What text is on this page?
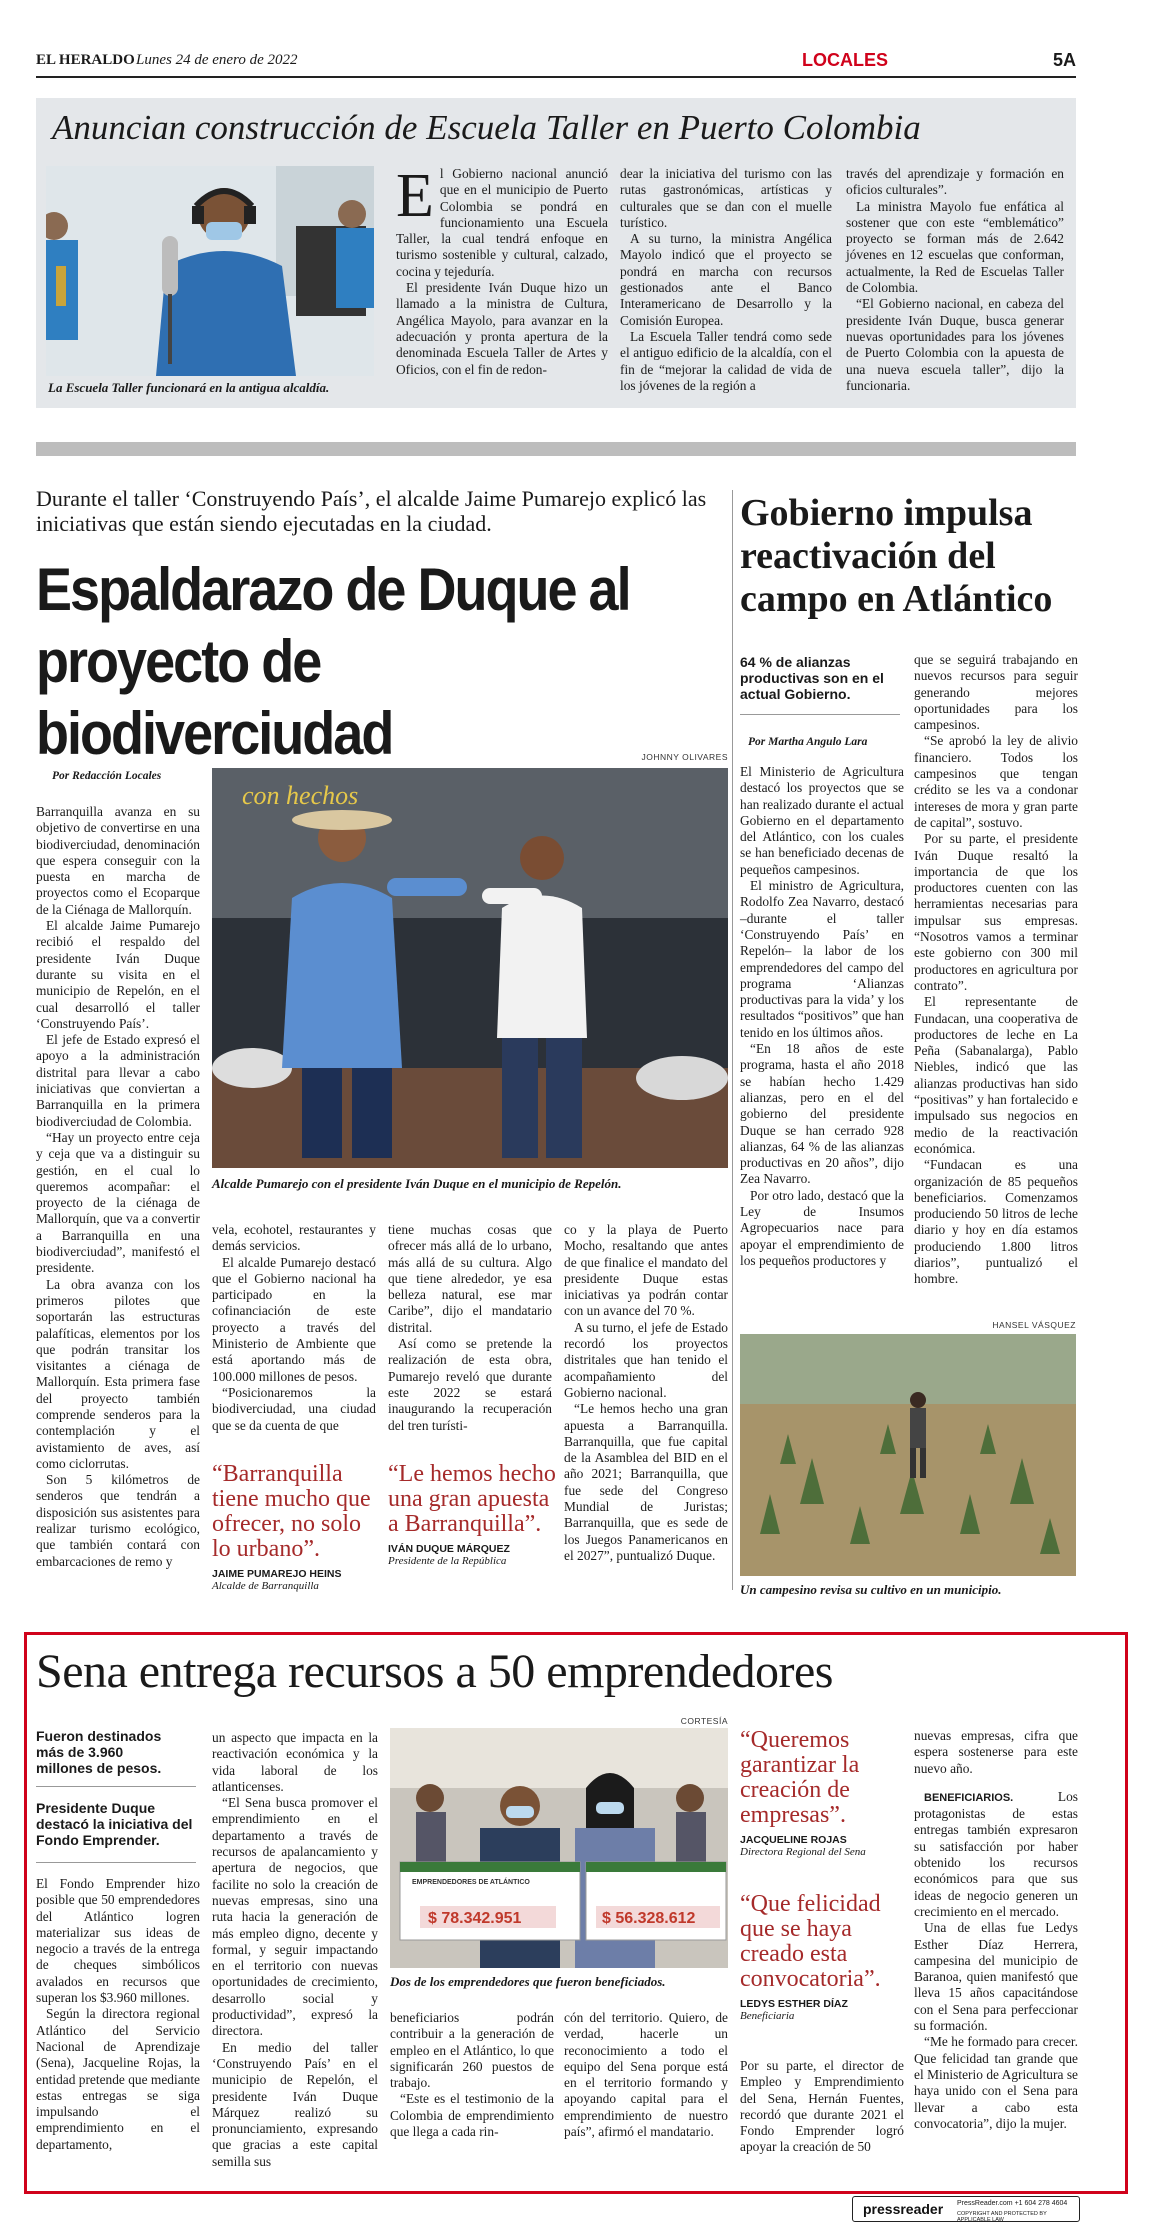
EL HERALDO Lunes 24 de enero de 2022	LOCALES	5A
Anuncian construcción de Escuela Taller en Puerto Colombia
La Escuela Taller funcionará en la antigua alcaldía.
E l Gobierno nacional anunció que en el municipio de Puerto Colombia se pondrá en funcionamiento una Escuela Taller, la cual tendrá enfoque en turismo sostenible y cultural, calzado, cocina y tejeduría.

El presidente Iván Duque hizo un llamado a la ministra de Cultura, Angélica Mayolo, para avanzar en la adecuación y pronta apertura de la denominada Escuela Taller de Artes y Oficios, con el fin de redon-

dear la iniciativa del turismo con las rutas gastronómicas, artísticas y culturales que se dan con el muelle turístico.

A su turno, la ministra Angélica Mayolo indicó que el proyecto se pondrá en marcha con recursos gestionados ante el Banco Interamericano de Desarrollo y la Comisión Europea.

La Escuela Taller tendrá como sede el antiguo edificio de la alcaldía, con el fin de “mejorar la calidad de vida de los jóvenes de la región a

través del aprendizaje y formación en oficios culturales”.

La ministra Mayolo fue enfática al sostener que con este “emblemático” proyecto se forman más de 2.642 jóvenes en 12 escuelas que conforman, actualmente, la Red de Escuelas Taller de Colombia.

“El Gobierno nacional, en cabeza del presidente Iván Duque, busca generar nuevas oportunidades para los jóvenes de Puerto Colombia con la apuesta de una nueva escuela taller”, dijo la funcionaria.

Durante el taller ‘Construyendo País’, el alcalde Jaime Pumarejo explicó las iniciativas que están siendo ejecutadas en la ciudad.
Espaldarazo de Duque al proyecto de biodiverciudad	JOHNNY OLIVARES
Por Redacción Locales
con hechos
Alcalde Pumarejo con el presidente Iván Duque en el municipio de Repelón.

Barranquilla avanza en su objetivo de convertirse en una biodiverciudad, denominación que espera conseguir con la puesta en marcha de proyectos como el Ecoparque de la Ciénaga de Mallorquín.

El alcalde Jaime Pumarejo recibió el respaldo del presidente Iván Duque durante su visita en el municipio de Repelón, en el cual desarrolló el taller ‘Construyendo País’.

El jefe de Estado expresó el apoyo a la administración distrital para llevar a cabo iniciativas que conviertan a Barranquilla en la primera biodiverciudad de Colombia.

“Hay un proyecto entre ceja y ceja que va a distinguir su gestión, en el cual lo queremos acompañar: el proyecto de la ciénaga de Mallorquín, que va a convertir a Barranquilla en una biodiverciudad”, manifestó el presidente.

La obra avanza con los primeros pilotes que soportarán las estructuras palafíticas, elementos por los que podrán transitar los visitantes a ciénaga de Mallorquín. Esta primera fase del proyecto también comprende senderos para la contemplación y el avistamiento de aves, así como ciclorrutas.

Son 5 kilómetros de senderos que tendrán a disposición sus asistentes para realizar turismo ecológico, que también contará con embarcaciones de remo y

vela, ecohotel, restaurantes y demás servicios.

El alcalde Pumarejo destacó que el Gobierno nacional ha participado en la cofinanciación de este proyecto a través del Ministerio de Ambiente que está aportando más de 100.000 millones de pesos.

“Posicionaremos la biodiverciudad, una ciudad que se da cuenta de que

tiene muchas cosas que ofrecer más allá de lo urbano, más allá de su cultura. Algo que tiene alrededor, ye esa belleza natural, ese mar Caribe”, dijo el mandatario distrital.

Así como se pretende la realización de esta obra, Pumarejo reveló que durante este 2022 se estará inaugurando la recuperación del tren turísti-

co y la playa de Puerto Mocho, resaltando que antes de que finalice el mandato del presidente Duque estas iniciativas ya podrán contar con un avance del 70 %.

A su turno, el jefe de Estado recordó los proyectos distritales que han tenido el acompañamiento del Gobierno nacional.

“Le hemos hecho una gran apuesta a Barranquilla. Barranquilla, que fue capital de la Asamblea del BID en el año 2021; Barranquilla, que fue sede del Congreso Mundial de Juristas; Barranquilla, que es sede de los Juegos Panamericanos en el 2027”, puntualizó Duque.

“Barranquilla tiene mucho que ofrecer, no solo lo urbano”.
JAIME PUMAREJO HEINS
Alcalde de Barranquilla
“Le hemos hecho una gran apuesta a Barranquilla”.
IVÁN DUQUE MÁRQUEZ
Presidente de la República
Gobierno impulsa reactivación del campo en Atlántico
64 % de alianzas productivas son en el actual Gobierno.
Por Martha Angulo Lara

El Ministerio de Agricultura destacó los proyectos que se han realizado durante el actual Gobierno en el departamento del Atlántico, con los cuales se han beneficiado decenas de pequeños campesinos.

El ministro de Agricultura, Rodolfo Zea Navarro, destacó –durante el taller ‘Construyendo País’ en Repelón– la labor de los emprendedores del campo del programa ‘Alianzas productivas para la vida’ y los resultados “positivos” que han tenido en los últimos años.

“En 18 años de este programa, hasta el año 2018 se habían hecho 1.429 alianzas, pero en el del gobierno del presidente Duque se han cerrado 928 alianzas, 64 % de las alianzas productivas en 20 años”, dijo Zea Navarro.

Por otro lado, destacó que la Ley de Insumos Agropecuarios nace para apoyar el emprendimiento de los pequeños productores y

que se seguirá trabajando en nuevos recursos para seguir generando mejores oportunidades para los campesinos.

“Se aprobó la ley de alivio financiero. Todos los campesinos que tengan crédito se les va a condonar intereses de mora y gran parte de capital”, sostuvo.

Por su parte, el presidente Iván Duque resaltó la importancia de que los productores cuenten con las herramientas necesarias para impulsar sus empresas. “Nosotros vamos a terminar este gobierno con 300 mil productores en agricultura por contrato”.

El representante de Fundacan, una cooperativa de productores de leche en La Peña (Sabanalarga), Pablo Niebles, indicó que las alianzas productivas han sido “positivas” y han fortalecido e impulsado sus negocios en medio de la reactivación económica.

“Fundacan es una organización de 85 pequeños beneficiarios. Comenzamos produciendo 50 litros de leche diario y hoy en día estamos produciendo 1.800 litros diarios”, puntualizó el hombre.

HANSEL VÁSQUEZ
Un campesino revisa su cultivo en un municipio.
Sena entrega recursos a 50 emprendedores
Fueron destinados más de 3.960 millones de pesos.
Presidente Duque destacó la iniciativa del Fondo Emprender.

El Fondo Emprender hizo posible que 50 emprendedores del Atlántico logren materializar sus ideas de negocio a través de la entrega de cheques simbólicos avalados en recursos que superan los $3.960 millones.

Según la directora regional Atlántico del Servicio Nacional de Aprendizaje (Sena), Jacqueline Rojas, la entidad pretende que mediante estas entregas se siga impulsando el emprendimiento en el departamento,

un aspecto que impacta en la reactivación económica y la vida laboral de los atlanticenses.

“El Sena busca promover el emprendimiento en el departamento a través de recursos de apalancamiento y apertura de negocios, que facilite no solo la creación de nuevas empresas, sino una ruta hacia la generación de más empleo digno, decente y formal, y seguir impactando en el territorio con nuevas oportunidades de crecimiento, desarrollo social y productividad”, expresó la directora.

En medio del taller ‘Construyendo País’ en el municipio de Repelón, el presidente Iván Duque Márquez realizó su pronunciamiento, expresando que gracias a este capital semilla sus

CORTESÍA
EMPRENDEDORES DE ATLÁNTICO
$ 78.342.951	$ 56.328.612
Dos de los emprendedores que fueron beneficiados.

beneficiarios podrán contribuir a la generación de empleo en el Atlántico, lo que significarán 260 puestos de trabajo.

“Este es el testimonio de la Colombia de emprendimiento que llega a cada rin-

cón del territorio. Quiero, de verdad, hacerle un reconocimiento a todo el equipo del Sena porque está en el territorio formando y apoyando capital para el emprendimiento de nuestro país”, afirmó el mandatario.

“Queremos garantizar la creación de empresas”.
JACQUELINE ROJAS
Directora Regional del Sena
“Que felicidad que se haya creado esta convocatoria”.
LEDYS ESTHER DÍAZ
Beneficiaria

Por su parte, el director de Empleo y Emprendimiento del Sena, Hernán Fuentes, recordó que durante 2021 el Fondo Emprender logró apoyar la creación de 50

nuevas empresas, cifra que espera sostenerse para este nuevo año.

BENEFICIARIOS.	Los protagonistas de estas entregas también expresaron su satisfacción por haber obtenido los recursos económicos para que sus ideas de negocio generen un crecimiento en el mercado.

Una de ellas fue Ledys Esther Díaz Herrera, campesina del municipio de Baranoa, quien manifestó que lleva 15 años capacitándose con el Sena para perfeccionar su formación.

“Me he formado para crecer. Que felicidad tan grande que el Ministerio de Agricultura se haya unido con el Sena para llevar a cabo esta convocatoria”, dijo la mujer.

pressreader PressReader.com +1 604 278 4604
COPYRIGHT AND PROTECTED BY APPLICABLE LAW
